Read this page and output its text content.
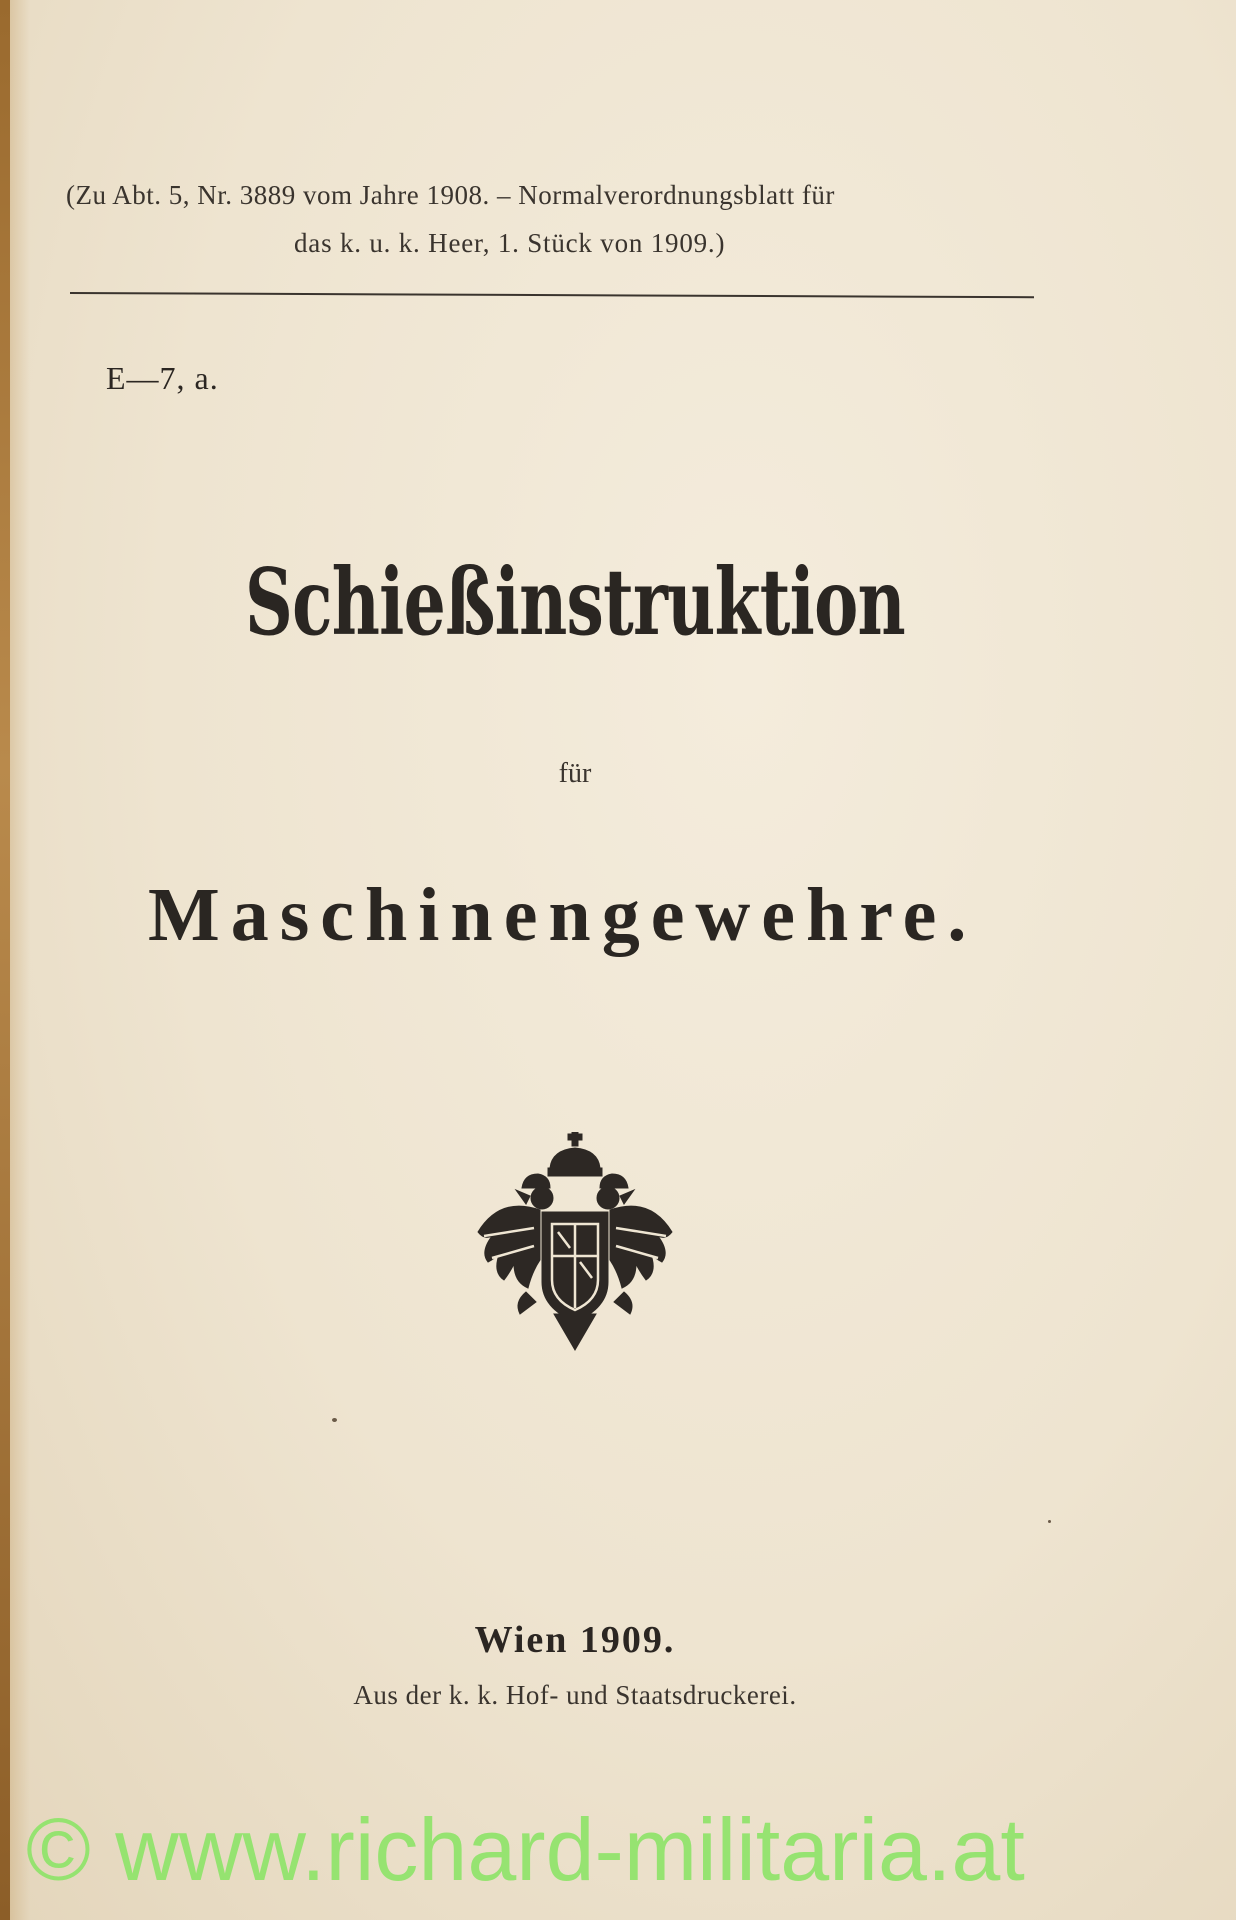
(Zu Abt. 5, Nr. 3889 vom Jahre 1908. – Normalverordnungsblatt für
das k. u. k. Heer, 1. Stück von 1909.)
E—7, a.
Schießinstruktion
für
Maschinengewehre.
Wien 1909.
Aus der k. k. Hof- und Staatsdruckerei.
© www.richard-militaria.at
